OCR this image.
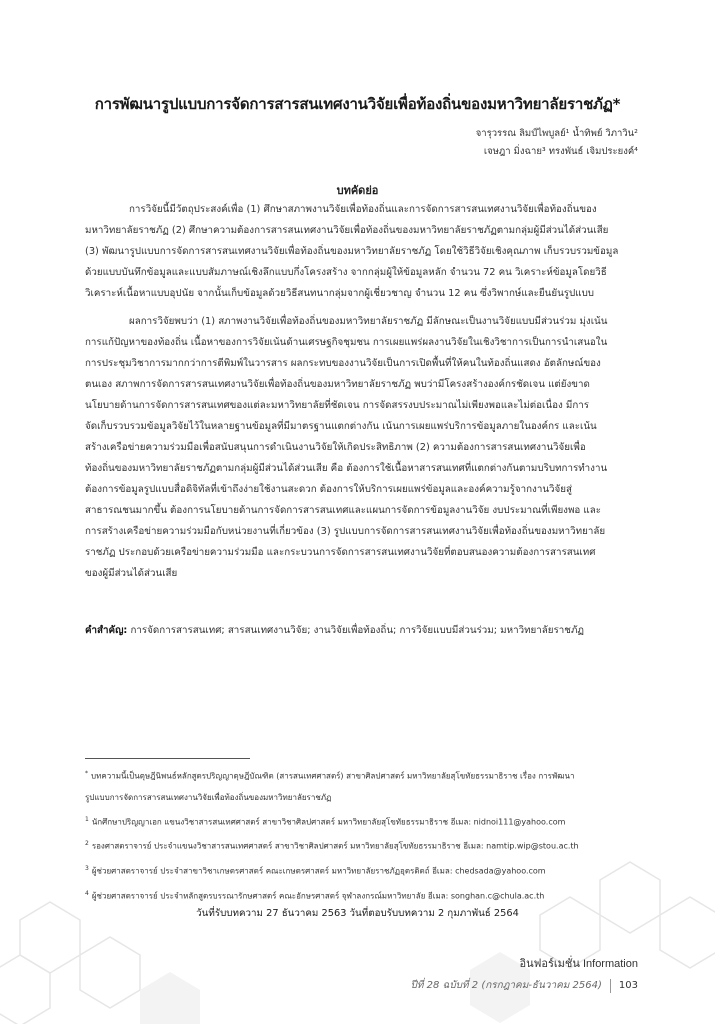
การพัฒนารูปแบบการจัดการสารสนเทศงานวิจัยเพื่อท้องถิ่นของมหาวิทยาลัยราชภัฏ*
จารุวรรณ ลิมป์ไพบูลย์¹ น้ำทิพย์ วิภาวิน²
เจษฎา มิ่งฉาย³ ทรงพันธ์ เจิมประยงค์⁴
บทคัดย่อ
การวิจัยนี้มีวัตถุประสงค์เพื่อ (1) ศึกษาสภาพงานวิจัยเพื่อท้องถิ่นและการจัดการสารสนเทศงานวิจัยเพื่อท้องถิ่นของ
มหาวิทยาลัยราชภัฏ (2) ศึกษาความต้องการสารสนเทศงานวิจัยเพื่อท้องถิ่นของมหาวิทยาลัยราชภัฏตามกลุ่มผู้มีส่วนได้ส่วนเสีย
(3) พัฒนารูปแบบการจัดการสารสนเทศงานวิจัยเพื่อท้องถิ่นของมหาวิทยาลัยราชภัฏ โดยใช้วิธีวิจัยเชิงคุณภาพ เก็บรวบรวมข้อมูล
ด้วยแบบบันทึกข้อมูลและแบบสัมภาษณ์เชิงลึกแบบกึ่งโครงสร้าง จากกลุ่มผู้ให้ข้อมูลหลัก จำนวน 72 คน วิเคราะห์ข้อมูลโดยวิธี
วิเคราะห์เนื้อหาแบบอุปนัย จากนั้นเก็บข้อมูลด้วยวิธีสนทนากลุ่มจากผู้เชี่ยวชาญ จำนวน 12 คน ซึ่งวิพากษ์และยืนยันรูปแบบ
ผลการวิจัยพบว่า (1) สภาพงานวิจัยเพื่อท้องถิ่นของมหาวิทยาลัยราชภัฏ มีลักษณะเป็นงานวิจัยแบบมีส่วนร่วม มุ่งเน้น
การแก้ปัญหาของท้องถิ่น เนื้อหาของการวิจัยเน้นด้านเศรษฐกิจชุมชน การเผยแพร่ผลงานวิจัยในเชิงวิชาการเป็นการนำเสนอใน
การประชุมวิชาการมากกว่าการตีพิมพ์ในวารสาร ผลกระทบของงานวิจัยเป็นการเปิดพื้นที่ให้คนในท้องถิ่นแสดง อัตลักษณ์ของ
ตนเอง สภาพการจัดการสารสนเทศงานวิจัยเพื่อท้องถิ่นของมหาวิทยาลัยราชภัฏ พบว่ามีโครงสร้างองค์กรชัดเจน แต่ยังขาด
นโยบายด้านการจัดการสารสนเทศของแต่ละมหาวิทยาลัยที่ชัดเจน การจัดสรรงบประมาณไม่เพียงพอและไม่ต่อเนื่อง มีการ
จัดเก็บรวบรวมข้อมูลวิจัยไว้ในหลายฐานข้อมูลที่มีมาตรฐานแตกต่างกัน เน้นการเผยแพร่บริการข้อมูลภายในองค์กร และเน้น
สร้างเครือข่ายความร่วมมือเพื่อสนับสนุนการดำเนินงานวิจัยให้เกิดประสิทธิภาพ (2) ความต้องการสารสนเทศงานวิจัยเพื่อ
ท้องถิ่นของมหาวิทยาลัยราชภัฏตามกลุ่มผู้มีส่วนได้ส่วนเสีย คือ ต้องการใช้เนื้อหาสารสนเทศที่แตกต่างกันตามบริบทการทำงาน
ต้องการข้อมูลรูปแบบสื่อดิจิทัลที่เข้าถึงง่ายใช้งานสะดวก ต้องการให้บริการเผยแพร่ข้อมูลและองค์ความรู้จากงานวิจัยสู่
สาธารณชนมากขึ้น ต้องการนโยบายด้านการจัดการสารสนเทศและแผนการจัดการข้อมูลงานวิจัย งบประมาณที่เพียงพอ และ
การสร้างเครือข่ายความร่วมมือกับหน่วยงานที่เกี่ยวข้อง (3) รูปแบบการจัดการสารสนเทศงานวิจัยเพื่อท้องถิ่นของมหาวิทยาลัย
ราชภัฏ ประกอบด้วยเครือข่ายความร่วมมือ และกระบวนการจัดการสารสนเทศงานวิจัยที่ตอบสนองความต้องการสารสนเทศ
ของผู้มีส่วนได้ส่วนเสีย
คำสำคัญ: การจัดการสารสนเทศ; สารสนเทศงานวิจัย; งานวิจัยเพื่อท้องถิ่น; การวิจัยแบบมีส่วนร่วม; มหาวิทยาลัยราชภัฏ
* บทความนี้เป็นดุษฎีนิพนธ์หลักสูตรปริญญาดุษฎีบัณฑิต (สารสนเทศศาสตร์) สาขาศิลปศาสตร์ มหาวิทยาลัยสุโขทัยธรรมาธิราช เรื่อง การพัฒนา
รูปแบบการจัดการสารสนเทศงานวิจัยเพื่อท้องถิ่นของมหาวิทยาลัยราชภัฏ
$^1$ นักศึกษาปริญญาเอก แขนงวิชาสารสนเทศศาสตร์ สาขาวิชาศิลปศาสตร์ มหาวิทยาลัยสุโขทัยธรรมาธิราช อีเมล: nidnoi111@yahoo.com
$^2$ รองศาสตราจารย์ ประจำแขนงวิชาสารสนเทศศาสตร์ สาขาวิชาศิลปศาสตร์ มหาวิทยาลัยสุโขทัยธรรมาธิราช อีเมล: namtip.wip@stou.ac.th
$^3$ ผู้ช่วยศาสตราจารย์ ประจำสาขาวิชาเกษตรศาสตร์ คณะเกษตรศาสตร์ มหาวิทยาลัยราชภัฏอุตรดิตถ์ อีเมล: chedsada@yahoo.com
$^4$ ผู้ช่วยศาสตราจารย์ ประจำหลักสูตรบรรณารักษศาสตร์ คณะอักษรศาสตร์ จุฬาลงกรณ์มหาวิทยาลัย อีเมล: songhan.c@chula.ac.th
วันที่รับบทความ 27 ธันวาคม 2563 วันที่ตอบรับบทความ 2 กุมภาพันธ์ 2564
อินฟอร์เมชั่น Information
ปีที่ 28 ฉบับที่ 2 (กรกฎาคม-ธันวาคม 2564) 103
